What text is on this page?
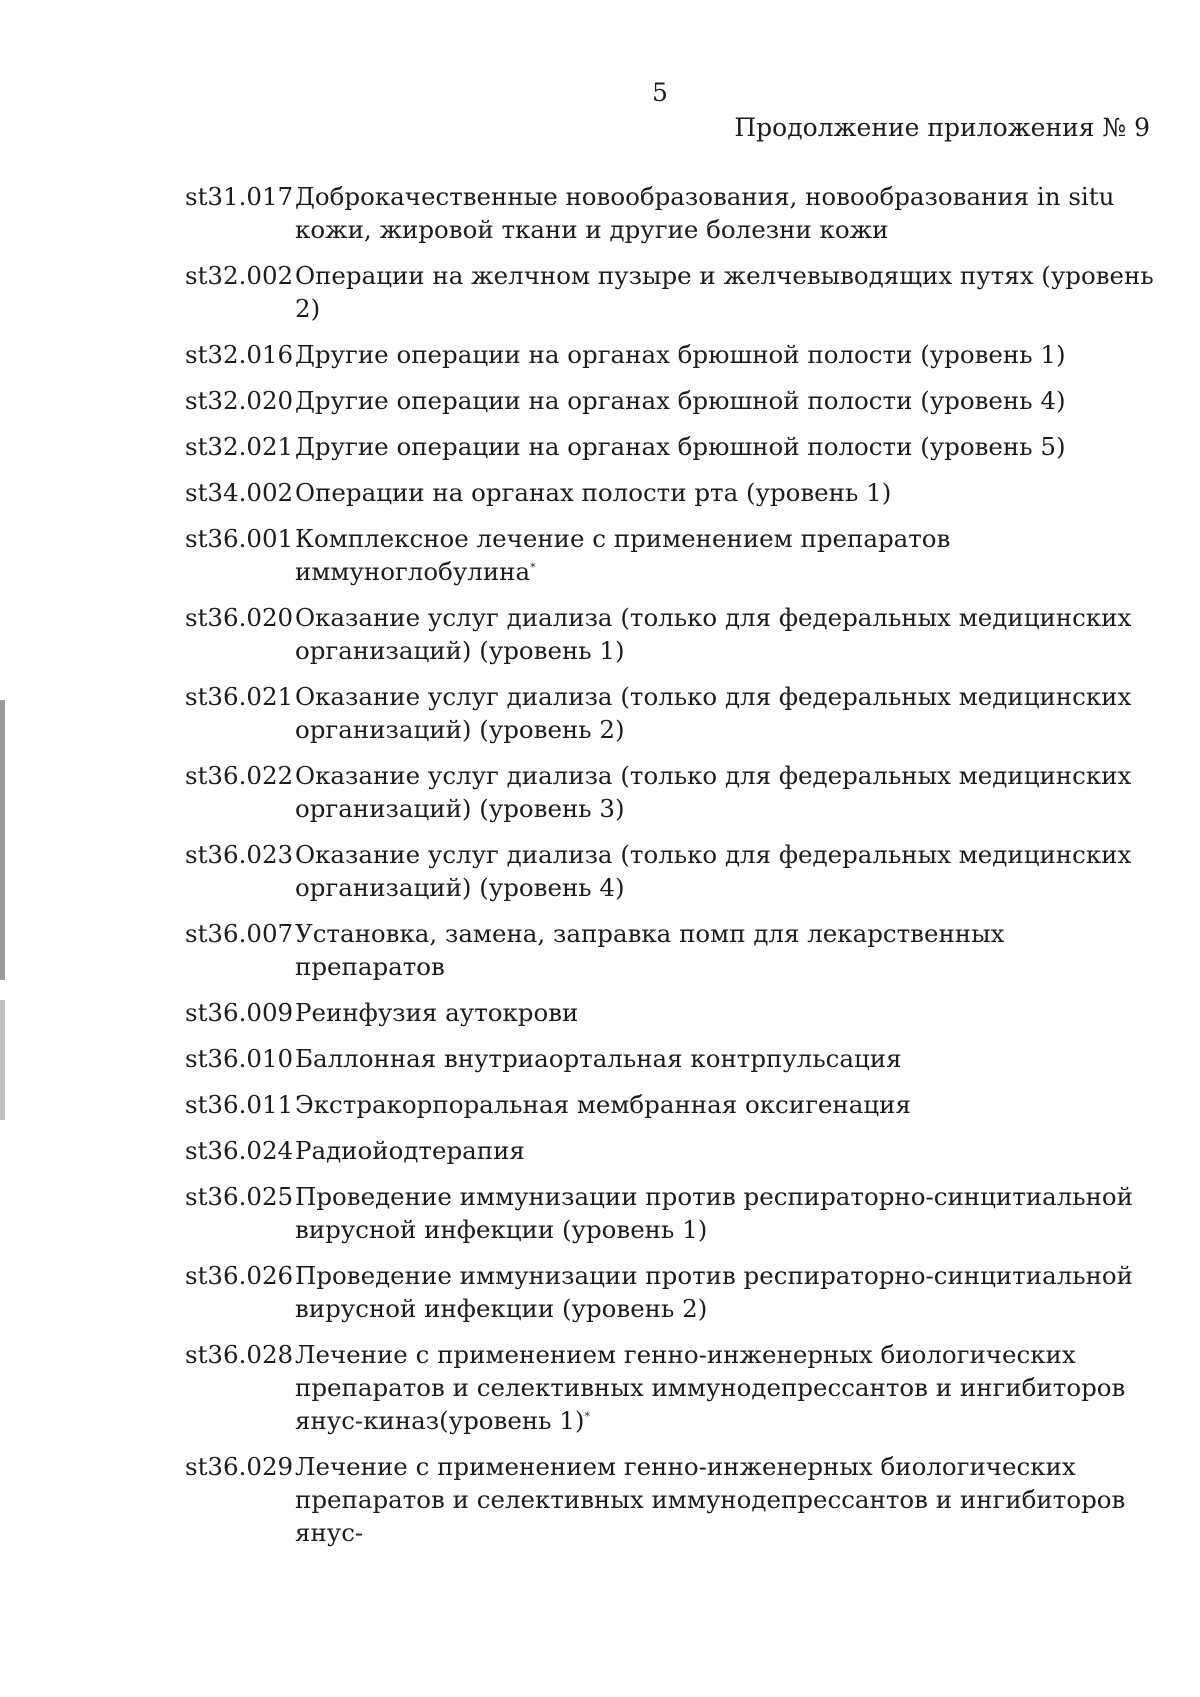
5
Продолжение приложения № 9
st31.017 Доброкачественные новообразования, новообразования in situ кожи, жировой ткани и другие болезни кожи
st32.002 Операции на желчном пузыре и желчевыводящих путях (уровень 2)
st32.016 Другие операции на органах брюшной полости (уровень 1)
st32.020 Другие операции на органах брюшной полости (уровень 4)
st32.021 Другие операции на органах брюшной полости (уровень 5)
st34.002 Операции на органах полости рта (уровень 1)
st36.001 Комплексное лечение с применением препаратов иммуноглобулина*
st36.020 Оказание услуг диализа (только для федеральных медицинских организаций) (уровень 1)
st36.021 Оказание услуг диализа (только для федеральных медицинских организаций) (уровень 2)
st36.022 Оказание услуг диализа (только для федеральных медицинских организаций) (уровень 3)
st36.023 Оказание услуг диализа (только для федеральных медицинских организаций) (уровень 4)
st36.007 Установка, замена, заправка помп для лекарственных препаратов
st36.009 Реинфузия аутокрови
st36.010 Баллонная внутриаортальная контрпульсация
st36.011 Экстракорпоральная мембранная оксигенация
st36.024 Радиойодтерапия
st36.025 Проведение иммунизации против респираторно-синцитиальной вирусной инфекции (уровень 1)
st36.026 Проведение иммунизации против респираторно-синцитиальной вирусной инфекции (уровень 2)
st36.028 Лечение с применением генно-инженерных биологических препаратов и селективных иммунодепрессантов и ингибиторов янус-киназ(уровень 1)*
st36.029 Лечение с применением генно-инженерных биологических препаратов и селективных иммунодепрессантов и ингибиторов янус-
